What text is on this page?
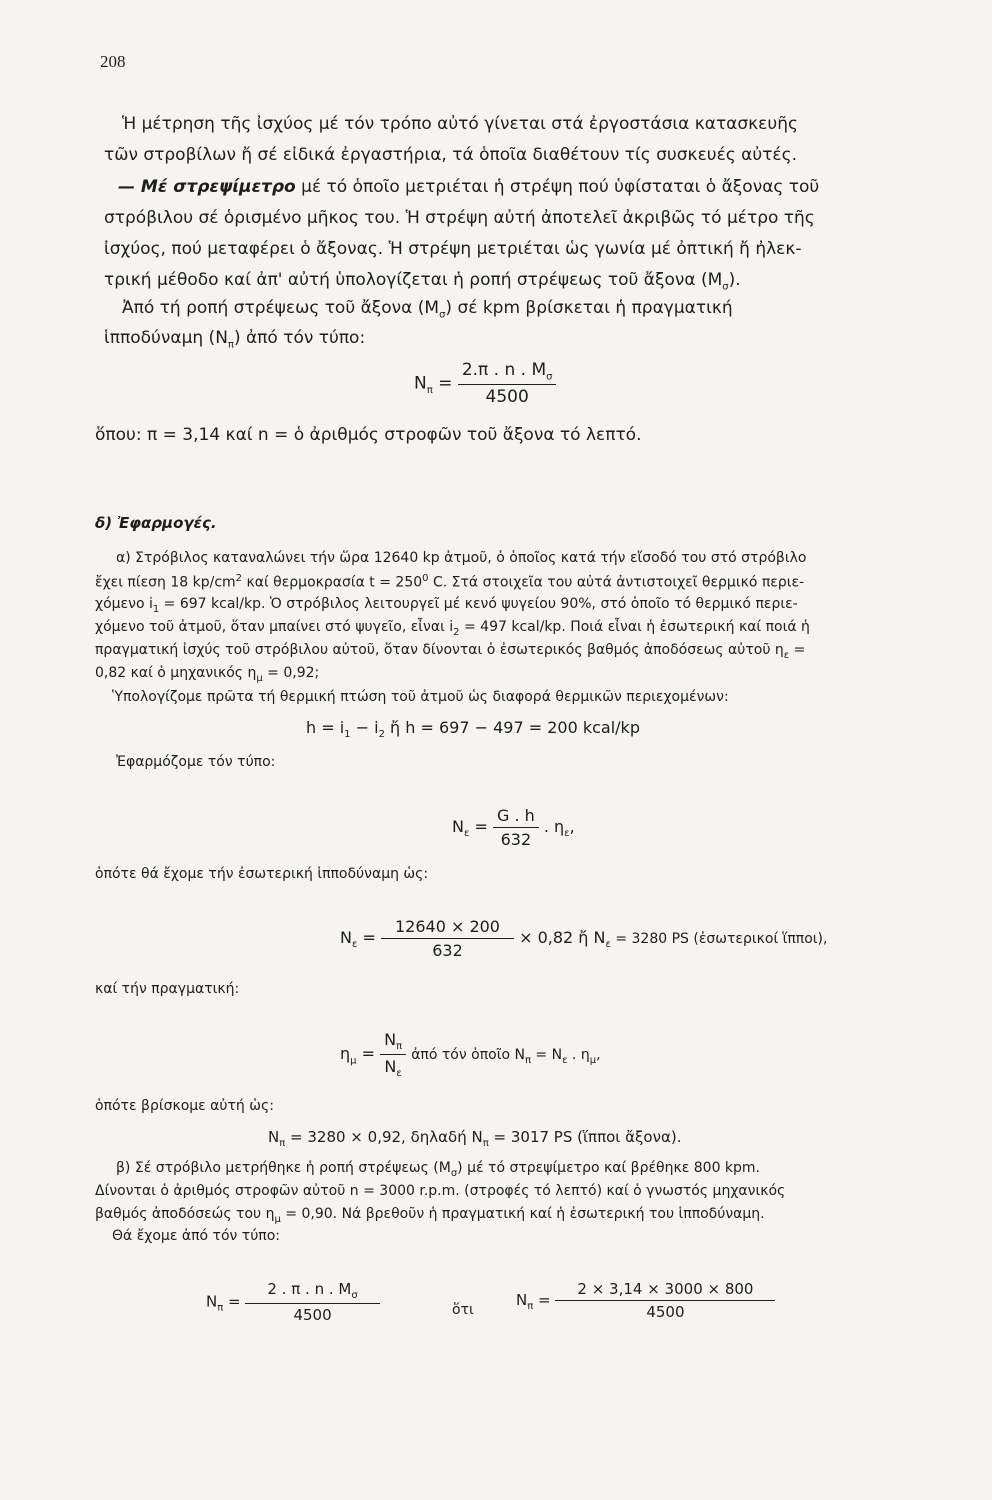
208
Ἡ μέτρηση τῆς ἰσχύος μέ τόν τρόπο αὐτό γίνεται στά ἐργοστάσια κατασκευῆς
τῶν στροβίλων ἤ σέ εἰδικά ἐργαστήρια, τά ὁποῖα διαθέτουν τίς συσκευές αὐτές.
— Μέ στρεψίμετρο μέ τό ὁποῖο μετριέται ἡ στρέψη πού ὑφίσταται ὁ ἄξονας τοῦ
στρόβιλου σέ ὁρισμένο μῆκος του. Ἡ στρέψη αὐτή ἀποτελεῖ ἀκριβῶς τό μέτρο τῆς
ἰσχύος, πού μεταφέρει ὁ ἄξονας. Ἡ στρέψη μετριέται ὡς γωνία μέ ὀπτική ἤ ἠλεκ-
τρική μέθοδο καί ἀπ' αὐτή ὑπολογίζεται ἡ ροπή στρέψεως τοῦ ἄξονα $(M_\sigma)$.
Ἀπό τή ροπή στρέψεως τοῦ ἄξονα $(M_\sigma)$ σέ kpm βρίσκεται ἡ πραγματική
ἱπποδύναμη $(N_\pi)$ ἀπό τόν τύπο:
$N_\pi = \frac{2.\pi . n . M_\sigma}{4500}$
ὅπου: π = 3,14 καί n = ὁ ἀριθμός στροφῶν τοῦ ἄξονα τό λεπτό.
δ) Ἐφαρμογές.
α) Στρόβιλος καταναλώνει τήν ὥρα 12640 kp ἀτμοῦ, ὁ ὁποῖος κατά τήν εἴσοδό του στό στρόβιλο
ἔχει πίεση 18 $kp/cm^2$ καί θερμοκρασία $t = 250^0$ C. Στά στοιχεῖα του αὐτά ἀντιστοιχεῖ θερμικό περιε-
χόμενο $i_1 = 697$ kcal/kp. Ὁ στρόβιλος λειτουργεῖ μέ κενό ψυγείου 90%, στό ὁποῖο τό θερμικό περιε-
χόμενο τοῦ ἀτμοῦ, ὅταν μπαίνει στό ψυγεῖο, εἶναι $i_2 = 497$ kcal/kp. Ποιά εἶναι ἡ ἐσωτερική καί ποιά ἡ
πραγματική ἰσχύς τοῦ στρόβιλου αὐτοῦ, ὅταν δίνονται ὁ ἐσωτερικός βαθμός ἀποδόσεως αὐτοῦ $\eta_\varepsilon$ =
0,82 καί ὁ μηχανικός $\eta_\mu = 0,92$;
Ὑπολογίζομε πρῶτα τή θερμική πτώση τοῦ ἀτμοῦ ὡς διαφορά θερμικῶν περιεχομένων:
$h = i_1 - i_2$ ἤ h = 697 − 497 = 200 kcal/kp
Ἐφαρμόζομε τόν τύπο:
$N_\varepsilon = \frac{G . h}{632}$ . $\eta_\varepsilon$,
ὁπότε θά ἔχομε τήν ἐσωτερική ἱπποδύναμη ὡς:
$N_\varepsilon = \frac{12640 \times 200}{632} \times 0,82$ ἤ $N_\varepsilon = 3280$ PS (ἐσωτερικοί ἵπποι),
καί τήν πραγματική:
$\eta_\mu = \frac{N_\pi}{N_\varepsilon}$ ἀπό τόν ὁποῖο $N_\pi = N_\varepsilon$ . $\eta_\mu$,
ὁπότε βρίσκομε αὐτή ὡς:
$N_\pi = 3280 \times 0,92$, δηλαδή $N_\pi = 3017$ PS (ἵπποι ἄξονα).
β) Σέ στρόβιλο μετρήθηκε ἡ ροπή στρέψεως $(M_\sigma)$ μέ τό στρεψίμετρο καί βρέθηκε 800 kpm.
Δίνονται ὁ ἀριθμός στροφῶν αὐτοῦ n = 3000 r.p.m. (στροφές τό λεπτό) καί ὁ γνωστός μηχανικός
βαθμός ἀποδόσεώς του $\eta_\mu = 0,90$. Νά βρεθοῦν ἡ πραγματική καί ἡ ἐσωτερική του ἱπποδύναμη.
Θά ἔχομε ἀπό τόν τύπο:
$N_\pi = \frac{2 . \pi . n . M_\sigma}{4500}$	ὅτι
$N_\pi = \frac{2 \times 3,14 \times 3000 \times 800}{4500}$
